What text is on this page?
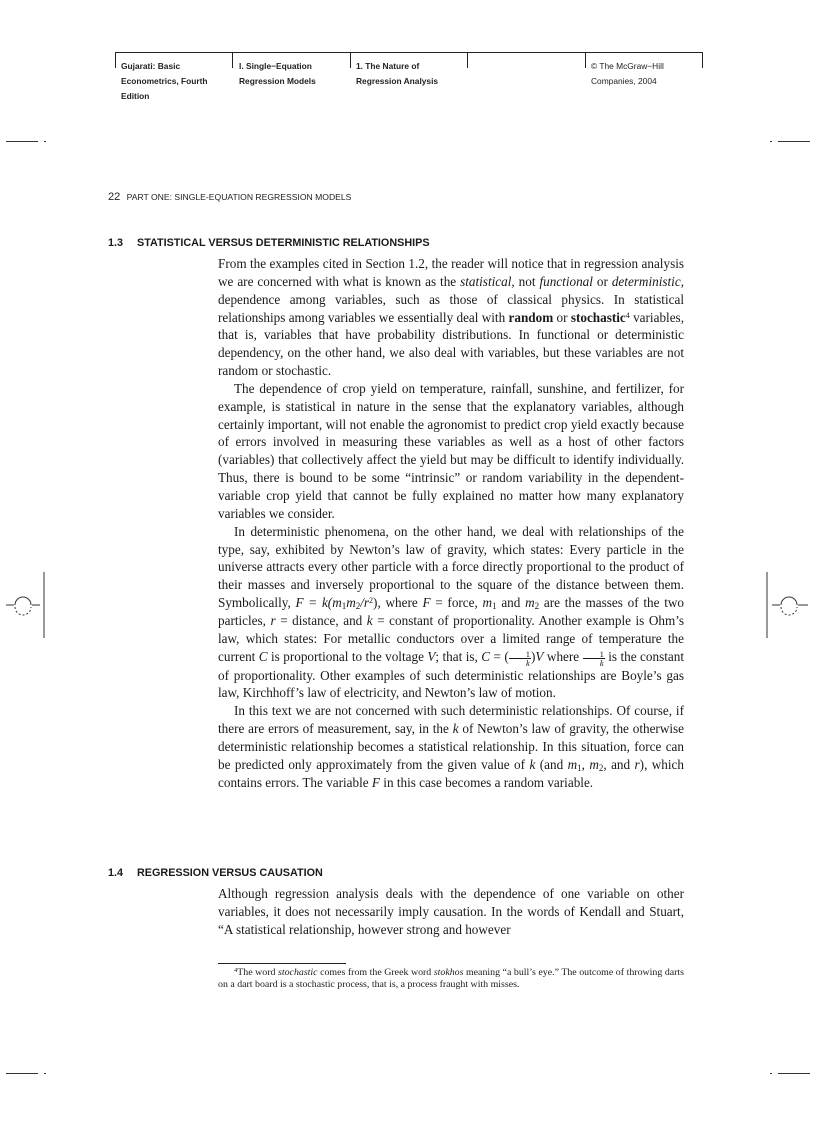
Gujarati: Basic
Econometrics, Fourth
Edition
I. Single−Equation
Regression Models
1. The Nature of
Regression Analysis
© The McGraw−Hill
Companies, 2004
22 PART ONE: SINGLE-EQUATION REGRESSION MODELS
1.3 STATISTICAL VERSUS DETERMINISTIC RELATIONSHIPS

From the examples cited in Section 1.2, the reader will notice that in regression analysis we are concerned with what is known as the statistical, not functional or deterministic, dependence among variables, such as those of classical physics. In statistical relationships among variables we essentially deal with random or stochastic$^4$ variables, that is, variables that have probability distributions. In functional or deterministic dependency, on the other hand, we also deal with variables, but these variables are not random or stochastic.

The dependence of crop yield on temperature, rainfall, sunshine, and fertilizer, for example, is statistical in nature in the sense that the explanatory variables, although certainly important, will not enable the agronomist to predict crop yield exactly because of errors involved in measuring these variables as well as a host of other factors (variables) that collectively affect the yield but may be difficult to identify individually. Thus, there is bound to be some “intrinsic” or random variability in the dependent-variable crop yield that cannot be fully explained no matter how many explanatory variables we consider.

In deterministic phenomena, on the other hand, we deal with relationships of the type, say, exhibited by Newton’s law of gravity, which states: Every particle in the universe attracts every other particle with a force directly proportional to the product of their masses and inversely proportional to the square of the distance between them. Symbolically, $F = k(m_1m_2/r^2)$, where F = force, $m_1$ and $m_2$ are the masses of the two particles, r = distance, and k = constant of proportionality. Another example is Ohm’s law, which states: For metallic conductors over a limited range of temperature the current C is proportional to the voltage V; that is, C = ( $\frac{1}{k} )V$ where $\frac{1}{k}$ is the constant of proportionality. Other examples of such deterministic relationships are Boyle’s gas law, Kirchhoff’s law of electricity, and Newton’s law of motion.

In this text we are not concerned with such deterministic relationships. Of course, if there are errors of measurement, say, in the k of Newton’s law of gravity, the otherwise deterministic relationship becomes a statistical relationship. In this situation, force can be predicted only approximately from the given value of k (and $m_1$, $m_2$, and r), which contains errors. The variable F in this case becomes a random variable.

1.4 REGRESSION VERSUS CAUSATION

Although regression analysis deals with the dependence of one variable on other variables, it does not necessarily imply causation. In the words of Kendall and Stuart, “A statistical relationship, however strong and however

$^4$The word stochastic comes from the Greek word stokhos meaning “a bull’s eye.” The outcome of throwing darts on a dart board is a stochastic process, that is, a process fraught with misses.
